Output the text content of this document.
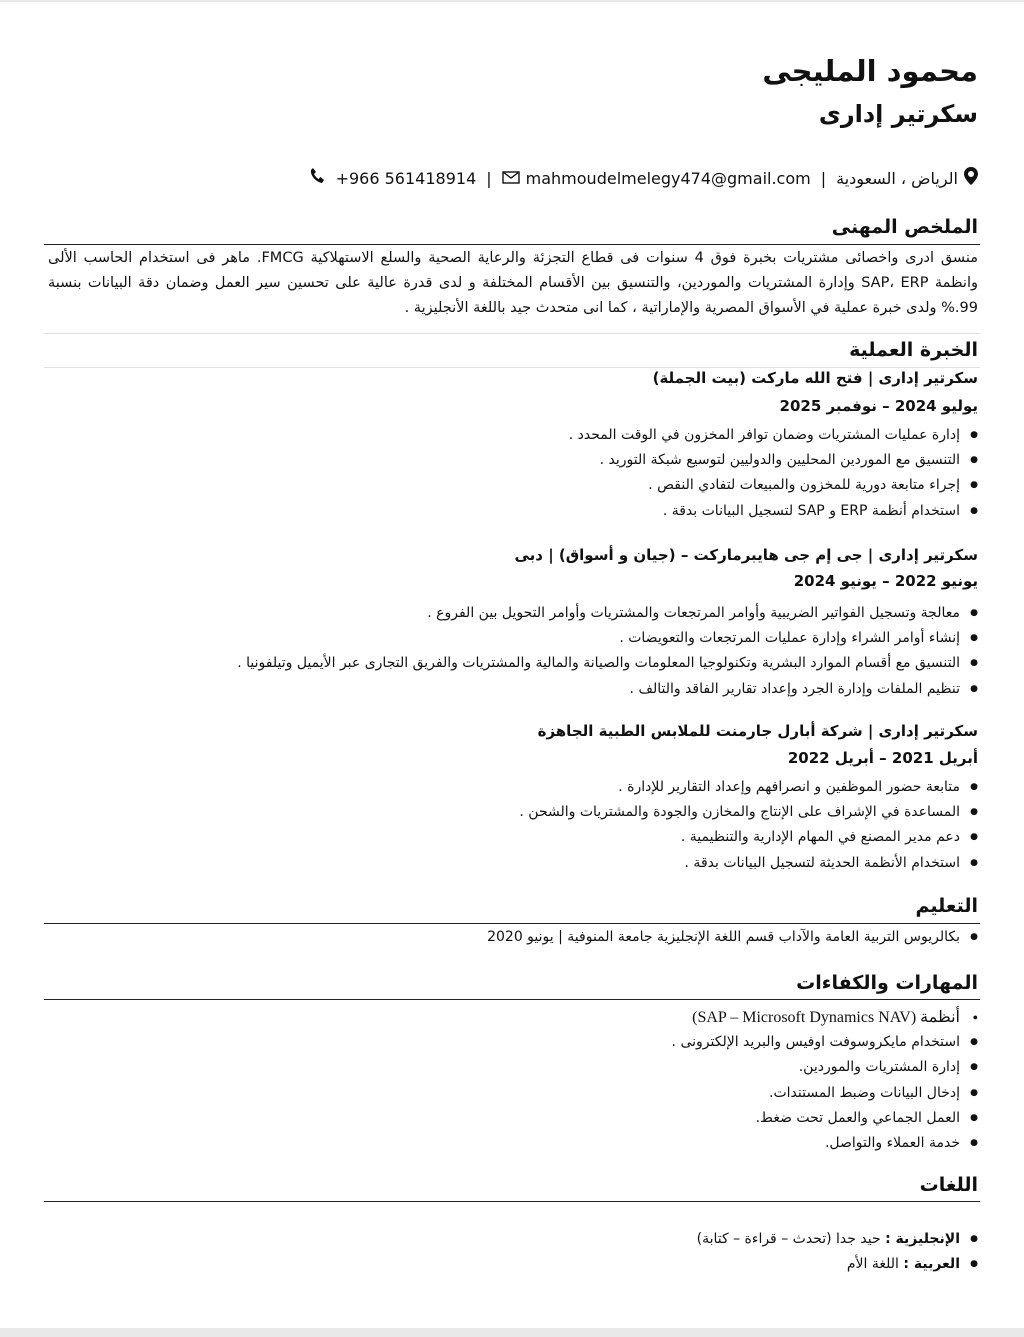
محمود المليجى
سكرتير إدارى
الرياض ، السعودية
|
mahmoudelmelegy474@gmail.com
|
+966 561418914
الملخص المهنى
منسق ادرى واخصائى مشتريات بخبرة فوق 4 سنوات فى قطاع التجزئة والرعاية الصحية والسلع الاستهلاكية FMCG. ماهر فى استخدام الحاسب الألى وانظمة SAP، ERP وإدارة المشتريات والموردين، والتنسيق بين الأقسام المختلفة و لدى قدرة عالية على تحسين سير العمل وضمان دقة البيانات بنسبة 99.% ولدى خبرة عملية في الأسواق المصرية والإماراتية ، كما انى متحدث جيد باللغة الأنجليزية .
الخبرة العملية
سكرتير إدارى | فتح الله ماركت (بيت الجملة)
يوليو 2024 – نوفمبر 2025
● إدارة عمليات المشتريات وضمان توافر المخزون في الوقت المحدد .
● التنسيق مع الموردين المحليين والدوليين لتوسيع شبكة التوريد .
● إجراء متابعة دورية للمخزون والمبيعات لتفادي النقص .
● استخدام أنظمة ERP و SAP لتسجيل البيانات بدقة .
سكرتير إدارى | جى إم جى هايبرماركت – (جيان و أسواق) | دبى
يونيو 2022 – يونيو 2024
● معالجة وتسجيل الفواتير الضريبية وأوامر المرتجعات والمشتريات وأوامر التحويل بين الفروع .
● إنشاء أوامر الشراء وإدارة عمليات المرتجعات والتعويضات .
● التنسيق مع أقسام الموارد البشرية وتكنولوجيا المعلومات والصيانة والمالية والمشتريات والفريق التجارى عبر الأيميل وتيلفونيا .
● تنظيم الملفات وإدارة الجرد وإعداد تقارير الفاقد والتالف .
سكرتير إدارى | شركة أبارل جارمنت للملابس الطبية الجاهزة
أبريل 2021 – أبريل 2022
● متابعة حضور الموظفين و انصرافهم وإعداد التقارير للإدارة .
● المساعدة في الإشراف على الإنتاج والمخازن والجودة والمشتريات والشحن .
● دعم مدير المصنع في المهام الإدارية والتنظيمية .
● استخدام الأنظمة الحديثة لتسجيل البيانات بدقة .
التعليم
● بكالريوس التربية العامة والآداب قسم اللغة الإنجليزية جامعة المنوفية | يونيو 2020
المهارات والكفاءات
● أنظمة (SAP – Microsoft Dynamics NAV)
● استخدام مايكروسوفت اوفيس والبريد الإلكترونى .
● إدارة المشتريات والموردين.
● إدخال البيانات وضبط المستندات.
● العمل الجماعي والعمل تحت ضغط.
● خدمة العملاء والتواصل.
اللغات
● الإنجليزية : حيد جدا (تحدث – قراءة – كتابة)
● العربية : اللغة الأم
